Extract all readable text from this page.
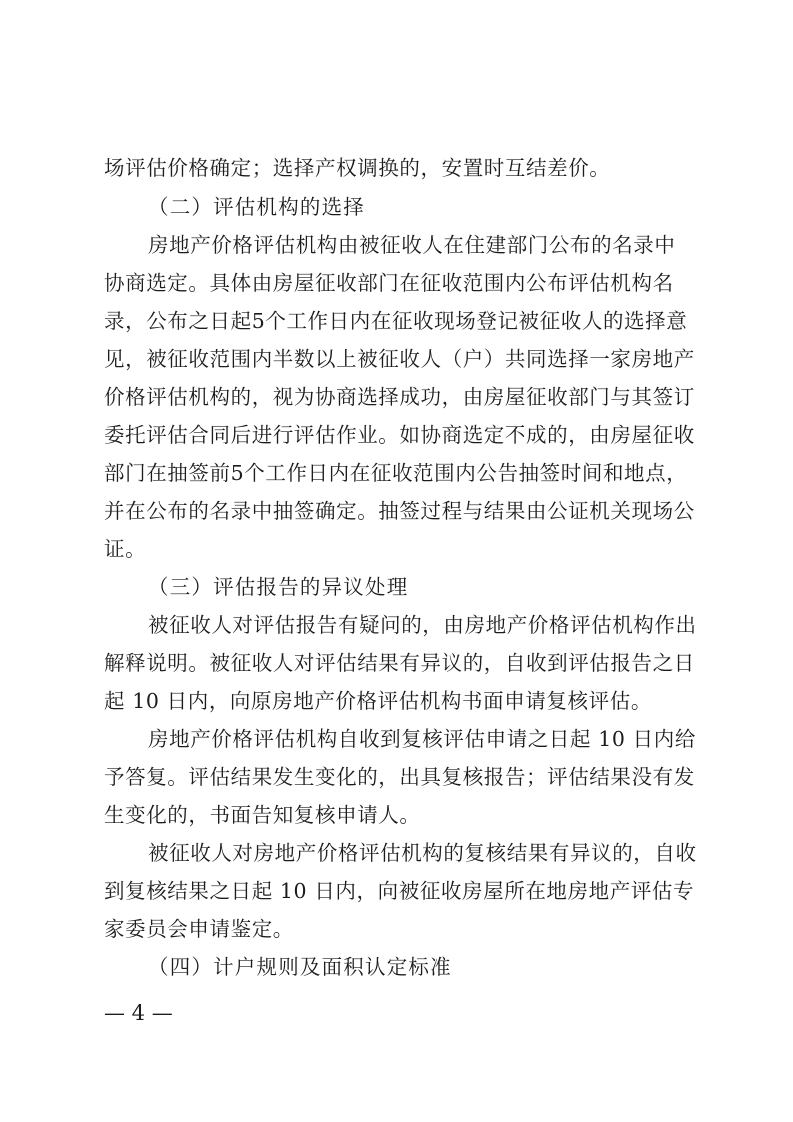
场评估价格确定；选择产权调换的，安置时互结差价。
（二）评估机构的选择
房地产价格评估机构由被征收人在住建部门公布的名录中
协商选定。具体由房屋征收部门在征收范围内公布评估机构名
录，公布之日起5个工作日内在征收现场登记被征收人的选择意
见，被征收范围内半数以上被征收人（户）共同选择一家房地产
价格评估机构的，视为协商选择成功，由房屋征收部门与其签订
委托评估合同后进行评估作业。如协商选定不成的，由房屋征收
部门在抽签前5个工作日内在征收范围内公告抽签时间和地点，
并在公布的名录中抽签确定。抽签过程与结果由公证机关现场公
证。
（三）评估报告的异议处理
被征收人对评估报告有疑问的，由房地产价格评估机构作出
解释说明。被征收人对评估结果有异议的，自收到评估报告之日
起 10 日内，向原房地产价格评估机构书面申请复核评估。
房地产价格评估机构自收到复核评估申请之日起 10 日内给
予答复。评估结果发生变化的，出具复核报告；评估结果没有发
生变化的，书面告知复核申请人。
被征收人对房地产价格评估机构的复核结果有异议的，自收
到复核结果之日起 10 日内，向被征收房屋所在地房地产评估专
家委员会申请鉴定。
（四）计户规则及面积认定标准
— 4 —
